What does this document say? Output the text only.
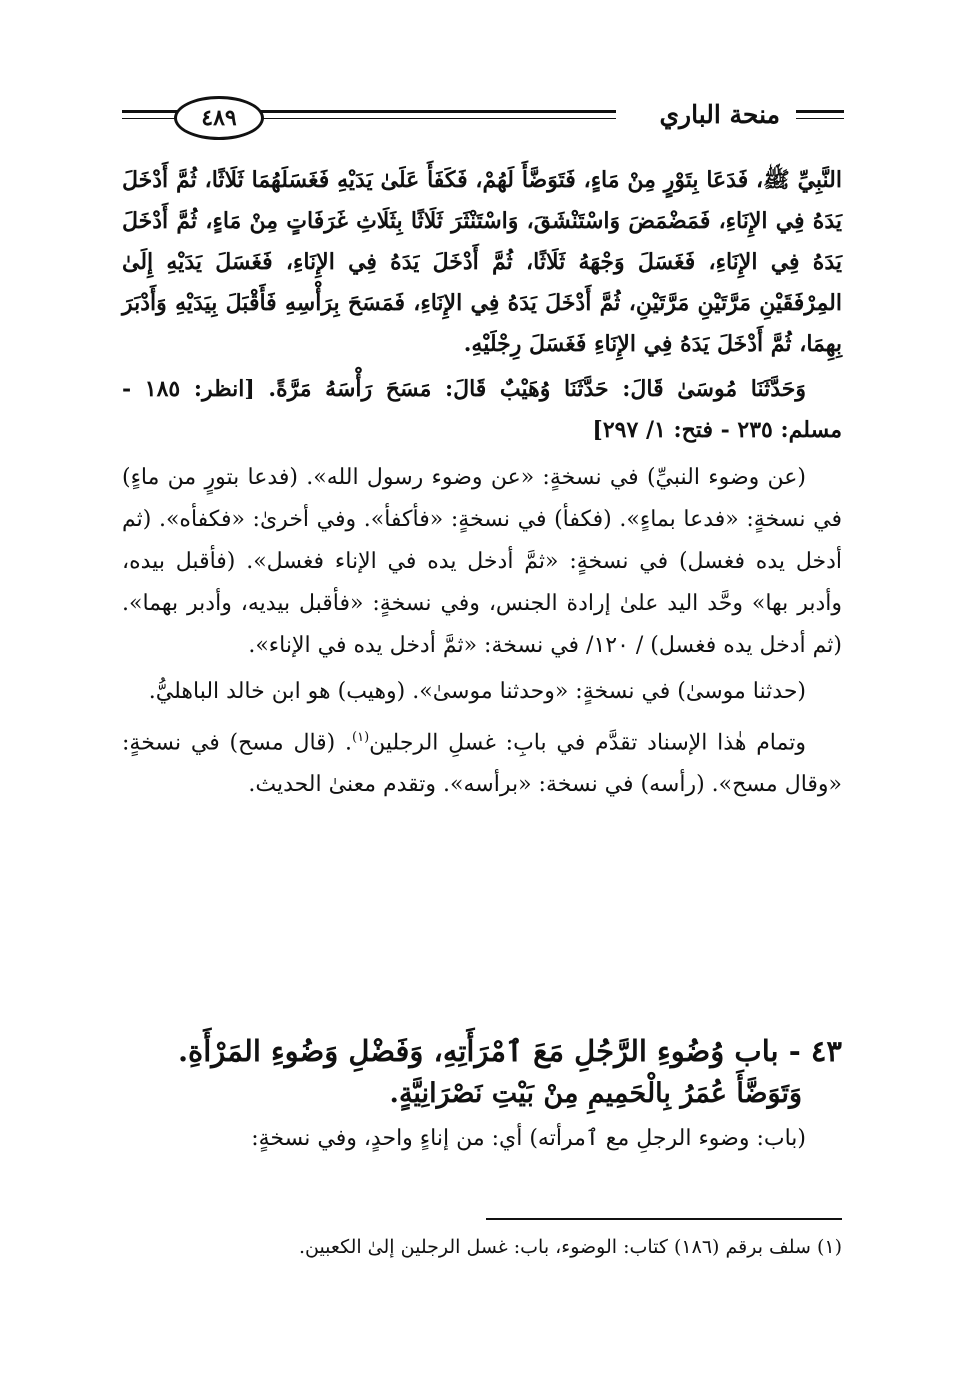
٤٨٩	منحة الباري

النَّبِيِّ ﷺ، فَدَعَا بِتَوْرٍ مِنْ مَاءٍ، فَتَوَضَّأَ لَهُمْ، فَكَفَأَ عَلَىٰ يَدَيْهِ فَغَسَلَهُمَا ثَلَاثًا، ثُمَّ أَدْخَلَ يَدَهُ فِي الإِنَاءِ، فَمَضْمَضَ وَاسْتَنْشَقَ، وَاسْتَنْثَرَ ثَلَاثًا بِثَلَاثِ غَرَفَاتٍ مِنْ مَاءٍ، ثُمَّ أَدْخَلَ يَدَهُ فِي الإِنَاءِ، فَغَسَلَ وَجْهَهُ ثَلَاثًا، ثُمَّ أَدْخَلَ يَدَهُ فِي الإِنَاءِ، فَغَسَلَ يَدَيْهِ إِلَىٰ المِرْفَقَيْنِ مَرَّتَيْنِ مَرَّتَيْنِ، ثُمَّ أَدْخَلَ يَدَهُ فِي الإِنَاءِ، فَمَسَحَ بِرَأْسِهِ فَأَقْبَلَ بِيَدَيْهِ وَأَدْبَرَ بِهِمَا، ثُمَّ أَدْخَلَ يَدَهُ فِي الإِنَاءِ فَغَسَلَ رِجْلَيْهِ.

وَحَدَّثَنَا مُوسَىٰ قَالَ: حَدَّثَنَا وُهَيْبٌ قَالَ: مَسَحَ رَأْسَهُ مَرَّةً. [انظر: ١٨٥ - مسلم: ٢٣٥ - فتح: ١/ ٢٩٧]

(عن وضوء النبيِّ) في نسخةٍ: «عن وضوء رسول الله». (فدعا بتورٍ من ماءٍ) في نسخةٍ: «فدعا بماءٍ». (فكفأ) في نسخةٍ: «فأكفأ». وفي أخرىٰ: «فكفأه». (ثم أدخل يده فغسل) في نسخةٍ: «ثمَّ أدخل يده في الإناء فغسل». (فأقبل بيده، وأدبر بها» وحَّد اليد علىٰ إرادة الجنس، وفي نسخةٍ: «فأقبل بيديه، وأدبر بهما». (ثم أدخل يده فغسل) / ١٢٠/ في نسخة: «ثمَّ أدخل يده في الإناء».

(حدثنا موسىٰ) في نسخةٍ: «وحدثنا موسىٰ». (وهيب) هو ابن خالد الباهليُّ.

وتمام هٰذا الإسناد تقدَّم في بابِ: غسلِ الرجلين$^{(١)}$. (قال مسح) في نسخةٍ: «وقال مسح». (رأسه) في نسخة: «برأسه». وتقدم معنىٰ الحديث.

٤٣ - باب وُضُوءِ الرَّجُلِ مَعَ ٱمْرَأَتِهِ، وَفَضْلِ وَضُوءِ المَرْأَةِ.

وَتَوَضَّأَ عُمَرُ بِالْحَمِيمِ مِنْ بَيْتِ نَصْرَانِيَّةٍ.

(باب: وضوء الرجلِ مع ٱمرأته) أي: من إناءٍ واحدٍ، وفي نسخةٍ:

(١) سلف برقم (١٨٦) كتاب: الوضوء، باب: غسل الرجلين إلىٰ الكعبين.
